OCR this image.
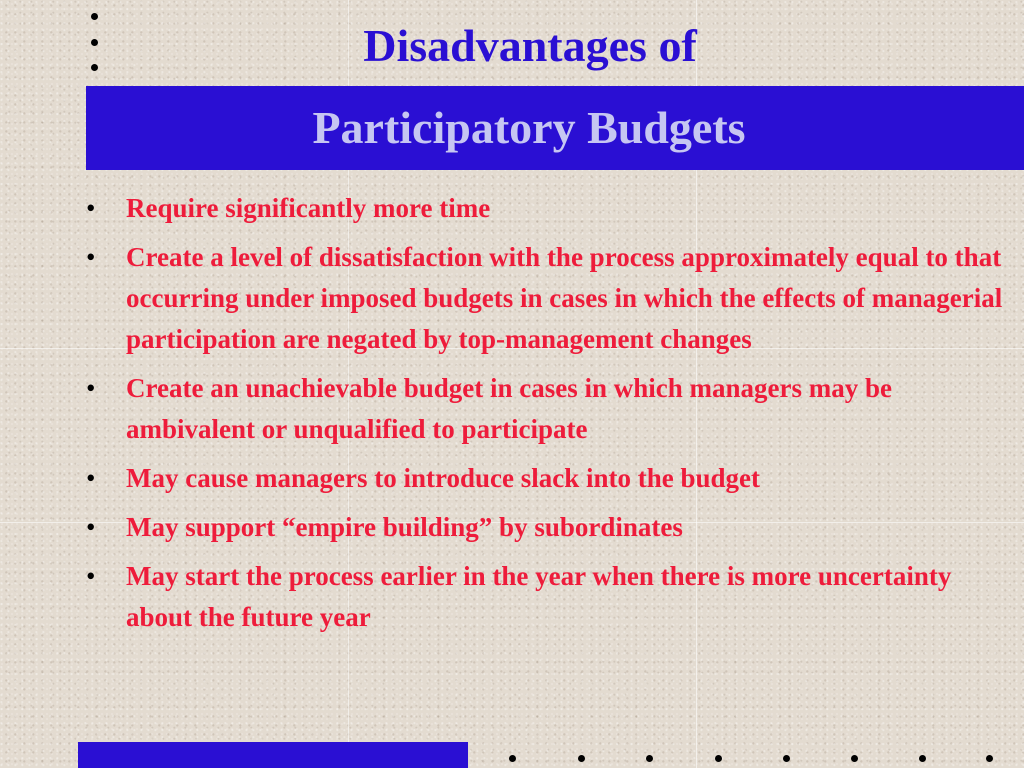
Disadvantages of
Participatory Budgets
• Require significantly more time
• Create a level of dissatisfaction with the process approximately equal to that occurring under imposed budgets in cases in which the effects of managerial participation are negated by top-management changes
• Create an unachievable budget in cases in which managers may be ambivalent or unqualified to participate
• May cause managers to introduce slack into the budget
• May support “empire building” by subordinates
• May start the process earlier in the year when there is more uncertainty about the future year
